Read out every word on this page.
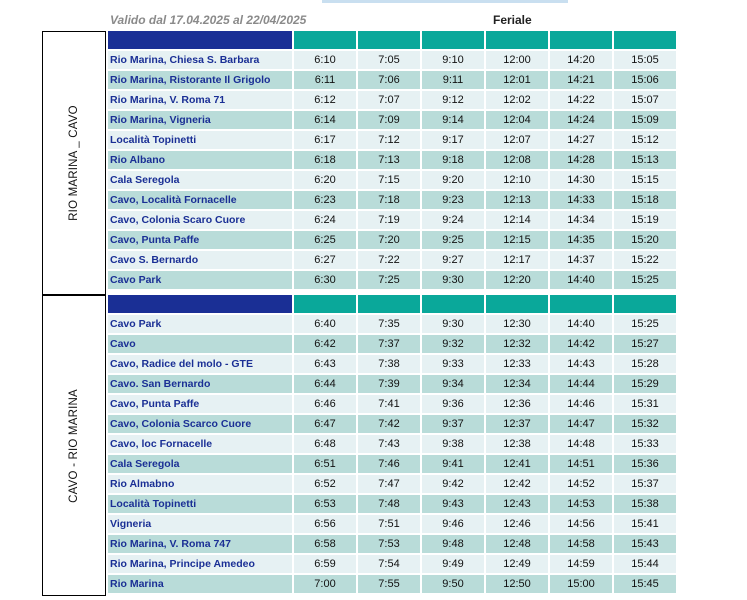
Valido dal 17.04.2025 al 22/04/2025	Feriale
RIO MARINA _ CAVO
Rio Marina, Chiesa S. Barbara	6:10	7:05	9:10	12:00	14:20	15:05
Rio Marina, Ristorante Il Grigolo	6:11	7:06	9:11	12:01	14:21	15:06
Rio Marina, V. Roma 71	6:12	7:07	9:12	12:02	14:22	15:07
Rio Marina, Vigneria	6:14	7:09	9:14	12:04	14:24	15:09
Località Topinetti	6:17	7:12	9:17	12:07	14:27	15:12
Rio Albano	6:18	7:13	9:18	12:08	14:28	15:13
Cala Seregola	6:20	7:15	9:20	12:10	14:30	15:15
Cavo, Località Fornacelle	6:23	7:18	9:23	12:13	14:33	15:18
Cavo, Colonia Scaro Cuore	6:24	7:19	9:24	12:14	14:34	15:19
Cavo, Punta Paffe	6:25	7:20	9:25	12:15	14:35	15:20
Cavo S. Bernardo	6:27	7:22	9:27	12:17	14:37	15:22
Cavo Park	6:30	7:25	9:30	12:20	14:40	15:25
CAVO - RIO MARINA
Cavo Park	6:40	7:35	9:30	12:30	14:40	15:25
Cavo	6:42	7:37	9:32	12:32	14:42	15:27
Cavo, Radice del molo - GTE	6:43	7:38	9:33	12:33	14:43	15:28
Cavo. San Bernardo	6:44	7:39	9:34	12:34	14:44	15:29
Cavo, Punta Paffe	6:46	7:41	9:36	12:36	14:46	15:31
Cavo, Colonia Scarco Cuore	6:47	7:42	9:37	12:37	14:47	15:32
Cavo, loc Fornacelle	6:48	7:43	9:38	12:38	14:48	15:33
Cala Seregola	6:51	7:46	9:41	12:41	14:51	15:36
Rio Almabno	6:52	7:47	9:42	12:42	14:52	15:37
Località Topinetti	6:53	7:48	9:43	12:43	14:53	15:38
Vigneria	6:56	7:51	9:46	12:46	14:56	15:41
Rio Marina, V. Roma 747	6:58	7:53	9:48	12:48	14:58	15:43
Rio Marina, Principe Amedeo	6:59	7:54	9:49	12:49	14:59	15:44
Rio Marina	7:00	7:55	9:50	12:50	15:00	15:45
